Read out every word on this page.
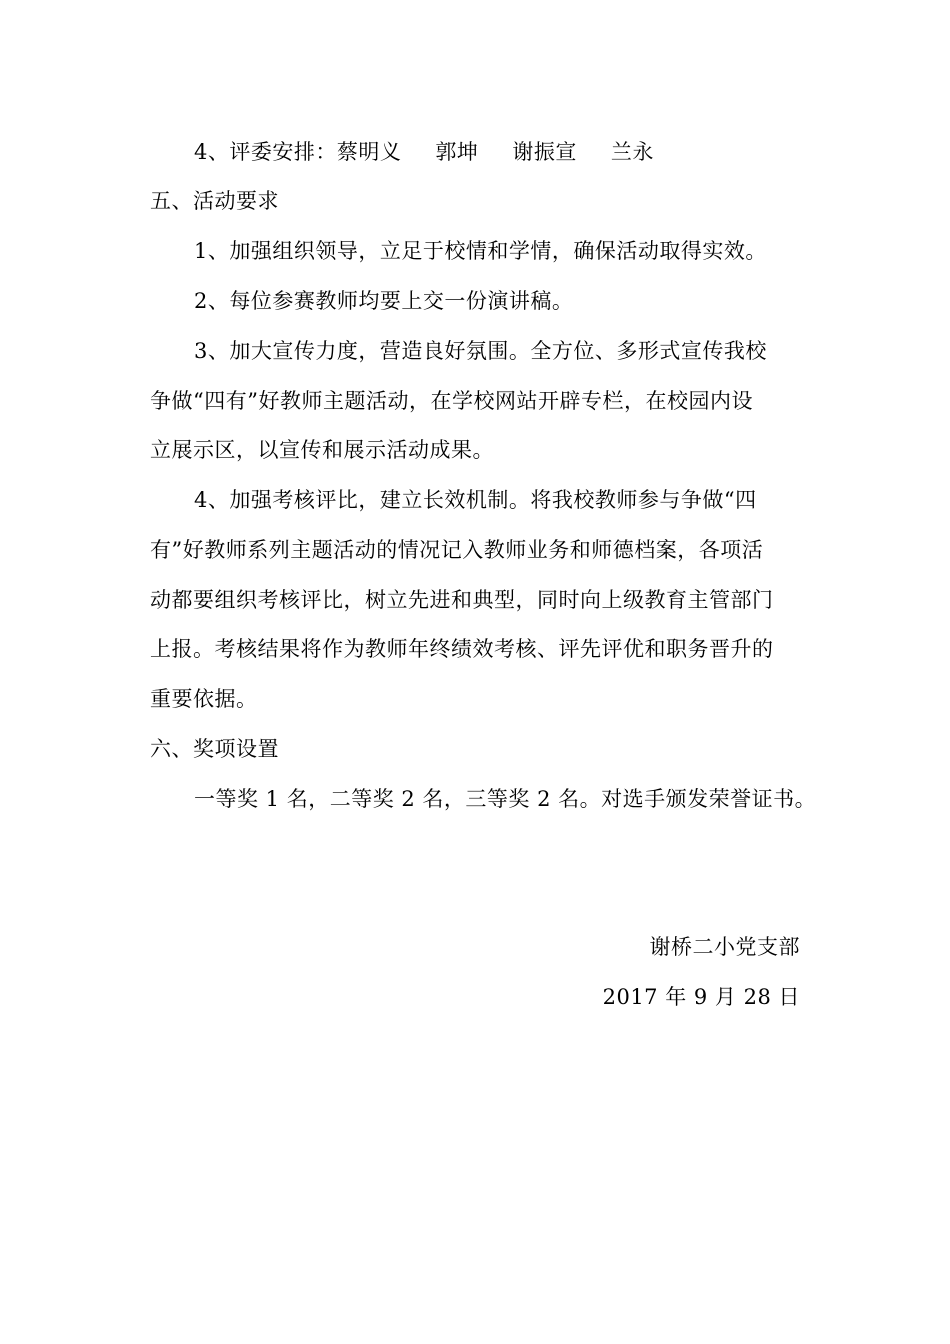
4、评委安排：蔡明义 郭坤 谢振宣 兰永
五、活动要求
1、加强组织领导，立足于校情和学情，确保活动取得实效。
2、每位参赛教师均要上交一份演讲稿。
3、加大宣传力度，营造良好氛围。全方位、多形式宣传我校
争做“四有”好教师主题活动，在学校网站开辟专栏，在校园内设
立展示区，以宣传和展示活动成果。
4、加强考核评比，建立长效机制。将我校教师参与争做“四
有”好教师系列主题活动的情况记入教师业务和师德档案，各项活
动都要组织考核评比，树立先进和典型，同时向上级教育主管部门
上报。考核结果将作为教师年终绩效考核、评先评优和职务晋升的
重要依据。
六、奖项设置
一等奖 1 名，二等奖 2 名，三等奖 2 名。对选手颁发荣誉证书。
谢桥二小党支部
2017 年 9 月 28 日
